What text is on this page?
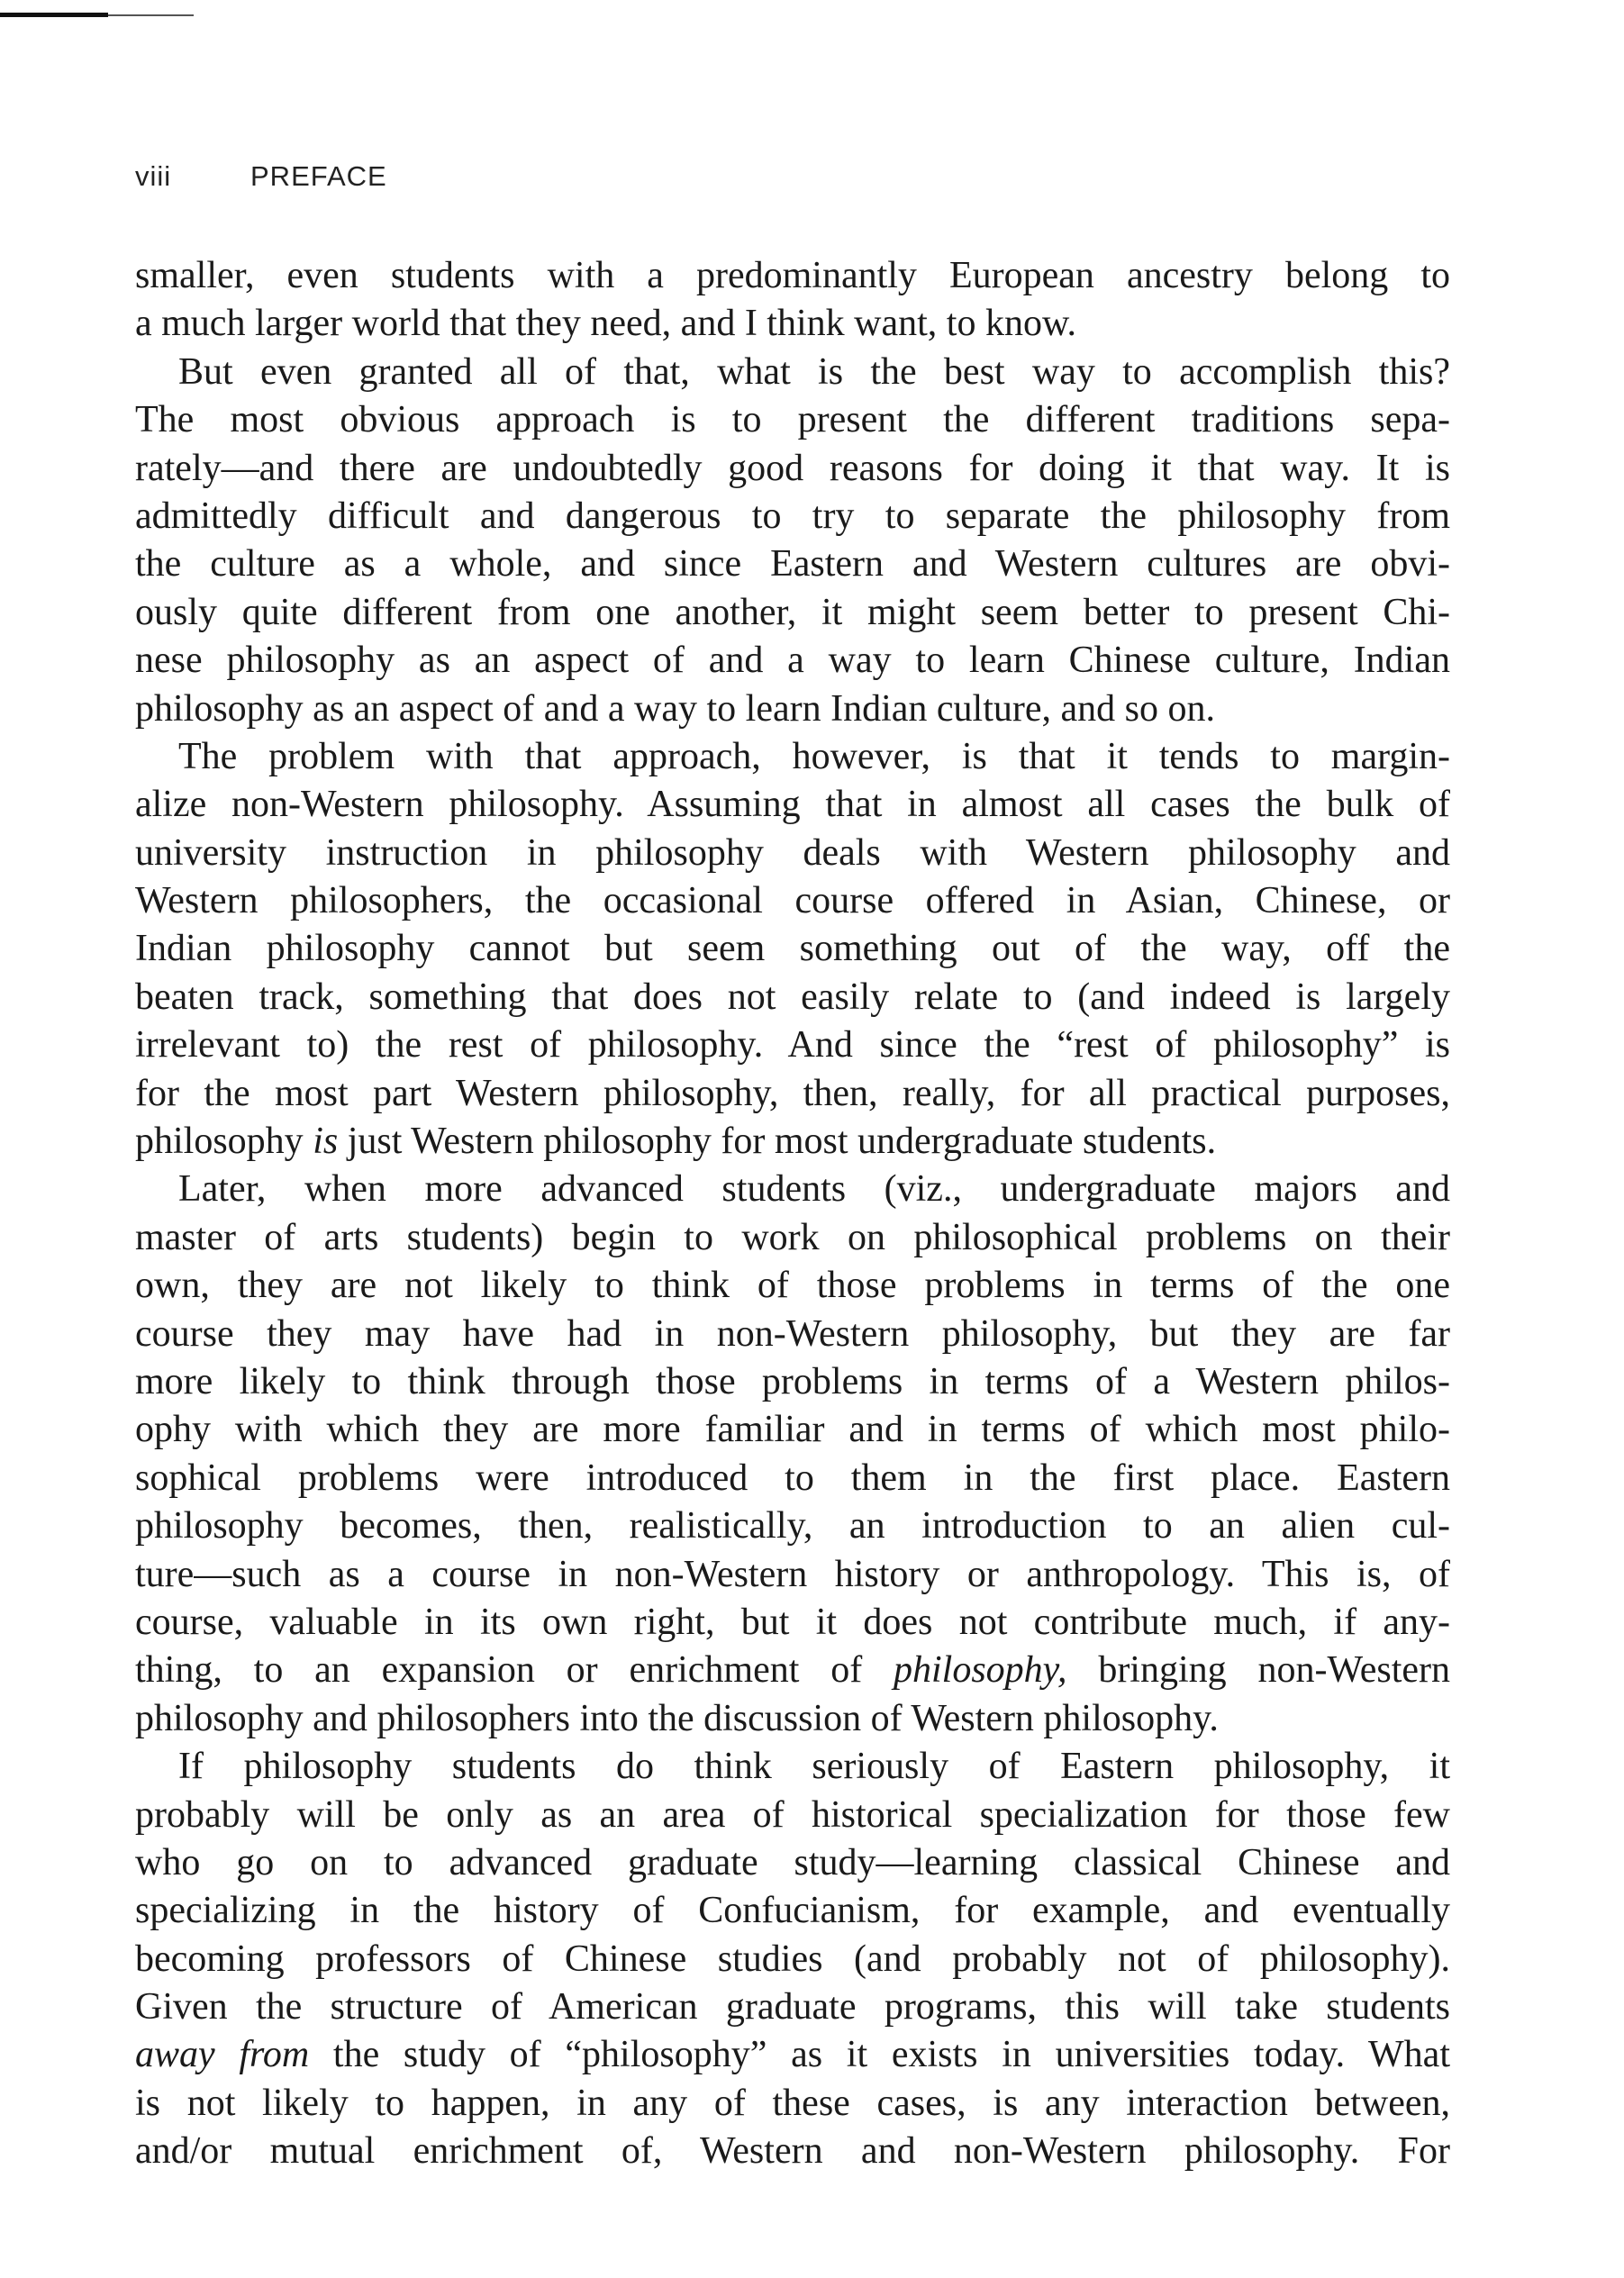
viii	PREFACE
smaller, even students with a predominantly European ancestry belong to
a much larger world that they need, and I think want, to know.
But even granted all of that, what is the best way to accomplish this?
The most obvious approach is to present the different traditions sepa-
rately—and there are undoubtedly good reasons for doing it that way. It is
admittedly difficult and dangerous to try to separate the philosophy from
the culture as a whole, and since Eastern and Western cultures are obvi-
ously quite different from one another, it might seem better to present Chi-
nese philosophy as an aspect of and a way to learn Chinese culture, Indian
philosophy as an aspect of and a way to learn Indian culture, and so on.
The problem with that approach, however, is that it tends to margin-
alize non-Western philosophy. Assuming that in almost all cases the bulk of
university instruction in philosophy deals with Western philosophy and
Western philosophers, the occasional course offered in Asian, Chinese, or
Indian philosophy cannot but seem something out of the way, off the
beaten track, something that does not easily relate to (and indeed is largely
irrelevant to) the rest of philosophy. And since the “rest of philosophy” is
for the most part Western philosophy, then, really, for all practical purposes,
philosophy is just Western philosophy for most undergraduate students.
Later, when more advanced students (viz., undergraduate majors and
master of arts students) begin to work on philosophical problems on their
own, they are not likely to think of those problems in terms of the one
course they may have had in non-Western philosophy, but they are far
more likely to think through those problems in terms of a Western philos-
ophy with which they are more familiar and in terms of which most philo-
sophical problems were introduced to them in the first place. Eastern
philosophy becomes, then, realistically, an introduction to an alien cul-
ture—such as a course in non-Western history or anthropology. This is, of
course, valuable in its own right, but it does not contribute much, if any-
thing, to an expansion or enrichment of philosophy, bringing non-Western
philosophy and philosophers into the discussion of Western philosophy.
If philosophy students do think seriously of Eastern philosophy, it
probably will be only as an area of historical specialization for those few
who go on to advanced graduate study—learning classical Chinese and
specializing in the history of Confucianism, for example, and eventually
becoming professors of Chinese studies (and probably not of philosophy).
Given the structure of American graduate programs, this will take students
away from the study of “philosophy” as it exists in universities today. What
is not likely to happen, in any of these cases, is any interaction between,
and/or mutual enrichment of, Western and non-Western philosophy. For
